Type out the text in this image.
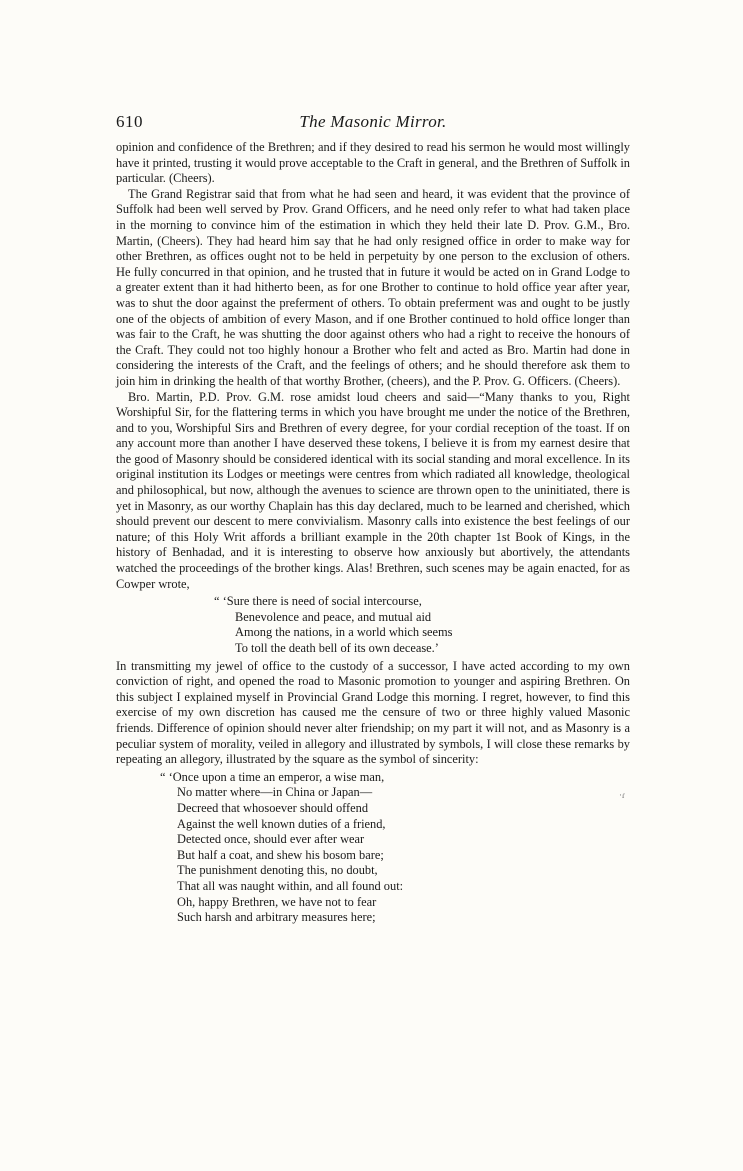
610	The Masonic Mirror.

opinion and confidence of the Brethren; and if they desired to read his sermon he would most willingly have it printed, trusting it would prove acceptable to the Craft in general, and the Brethren of Suffolk in particular. (Cheers).

The Grand Registrar said that from what he had seen and heard, it was evident that the province of Suffolk had been well served by Prov. Grand Officers, and he need only refer to what had taken place in the morning to convince him of the estimation in which they held their late D. Prov. G.M., Bro. Martin, (Cheers). They had heard him say that he had only resigned office in order to make way for other Brethren, as offices ought not to be held in perpetuity by one person to the exclusion of others. He fully concurred in that opinion, and he trusted that in future it would be acted on in Grand Lodge to a greater extent than it had hitherto been, as for one Brother to continue to hold office year after year, was to shut the door against the preferment of others. To obtain preferment was and ought to be justly one of the objects of ambition of every Mason, and if one Brother continued to hold office longer than was fair to the Craft, he was shutting the door against others who had a right to receive the honours of the Craft. They could not too highly honour a Brother who felt and acted as Bro. Martin had done in considering the interests of the Craft, and the feelings of others; and he should therefore ask them to join him in drinking the health of that worthy Brother, (cheers), and the P. Prov. G. Officers. (Cheers).

Bro. Martin, P.D. Prov. G.M. rose amidst loud cheers and said—“Many thanks to you, Right Worshipful Sir, for the flattering terms in which you have brought me under the notice of the Brethren, and to you, Worshipful Sirs and Brethren of every degree, for your cordial reception of the toast. If on any account more than another I have deserved these tokens, I believe it is from my earnest desire that the good of Masonry should be considered identical with its social standing and moral excellence. In its original institution its Lodges or meetings were centres from which radiated all knowledge, theological and philosophical, but now, although the avenues to science are thrown open to the uninitiated, there is yet in Masonry, as our worthy Chaplain has this day declared, much to be learned and cherished, which should prevent our descent to mere convivialism. Masonry calls into existence the best feelings of our nature; of this Holy Writ affords a brilliant example in the 20th chapter 1st Book of Kings, in the history of Benhadad, and it is interesting to observe how anxiously but abortively, the attendants watched the proceedings of the brother kings. Alas! Brethren, such scenes may be again enacted, for as Cowper wrote,

“ ‘Sure there is need of social intercourse,
Benevolence and peace, and mutual aid
Among the nations, in a world which seems
To toll the death bell of its own decease.’

In transmitting my jewel of office to the custody of a successor, I have acted according to my own conviction of right, and opened the road to Masonic promotion to younger and aspiring Brethren. On this subject I explained myself in Provincial Grand Lodge this morning. I regret, however, to find this exercise of my own discretion has caused me the censure of two or three highly valued Masonic friends. Difference of opinion should never alter friendship; on my part it will not, and as Masonry is a peculiar system of morality, veiled in allegory and illustrated by symbols, I will close these remarks by repeating an allegory, illustrated by the square as the symbol of sincerity:

“ ‘Once upon a time an emperor, a wise man,
No matter where—in China or Japan—
Decreed that whosoever should offend
Against the well known duties of a friend,
Detected once, should ever after wear
But half a coat, and shew his bosom bare;
The punishment denoting this, no doubt,
That all was naught within, and all found out:
Oh, happy Brethren, we have not to fear
Such harsh and arbitrary measures here;
·ɾ
